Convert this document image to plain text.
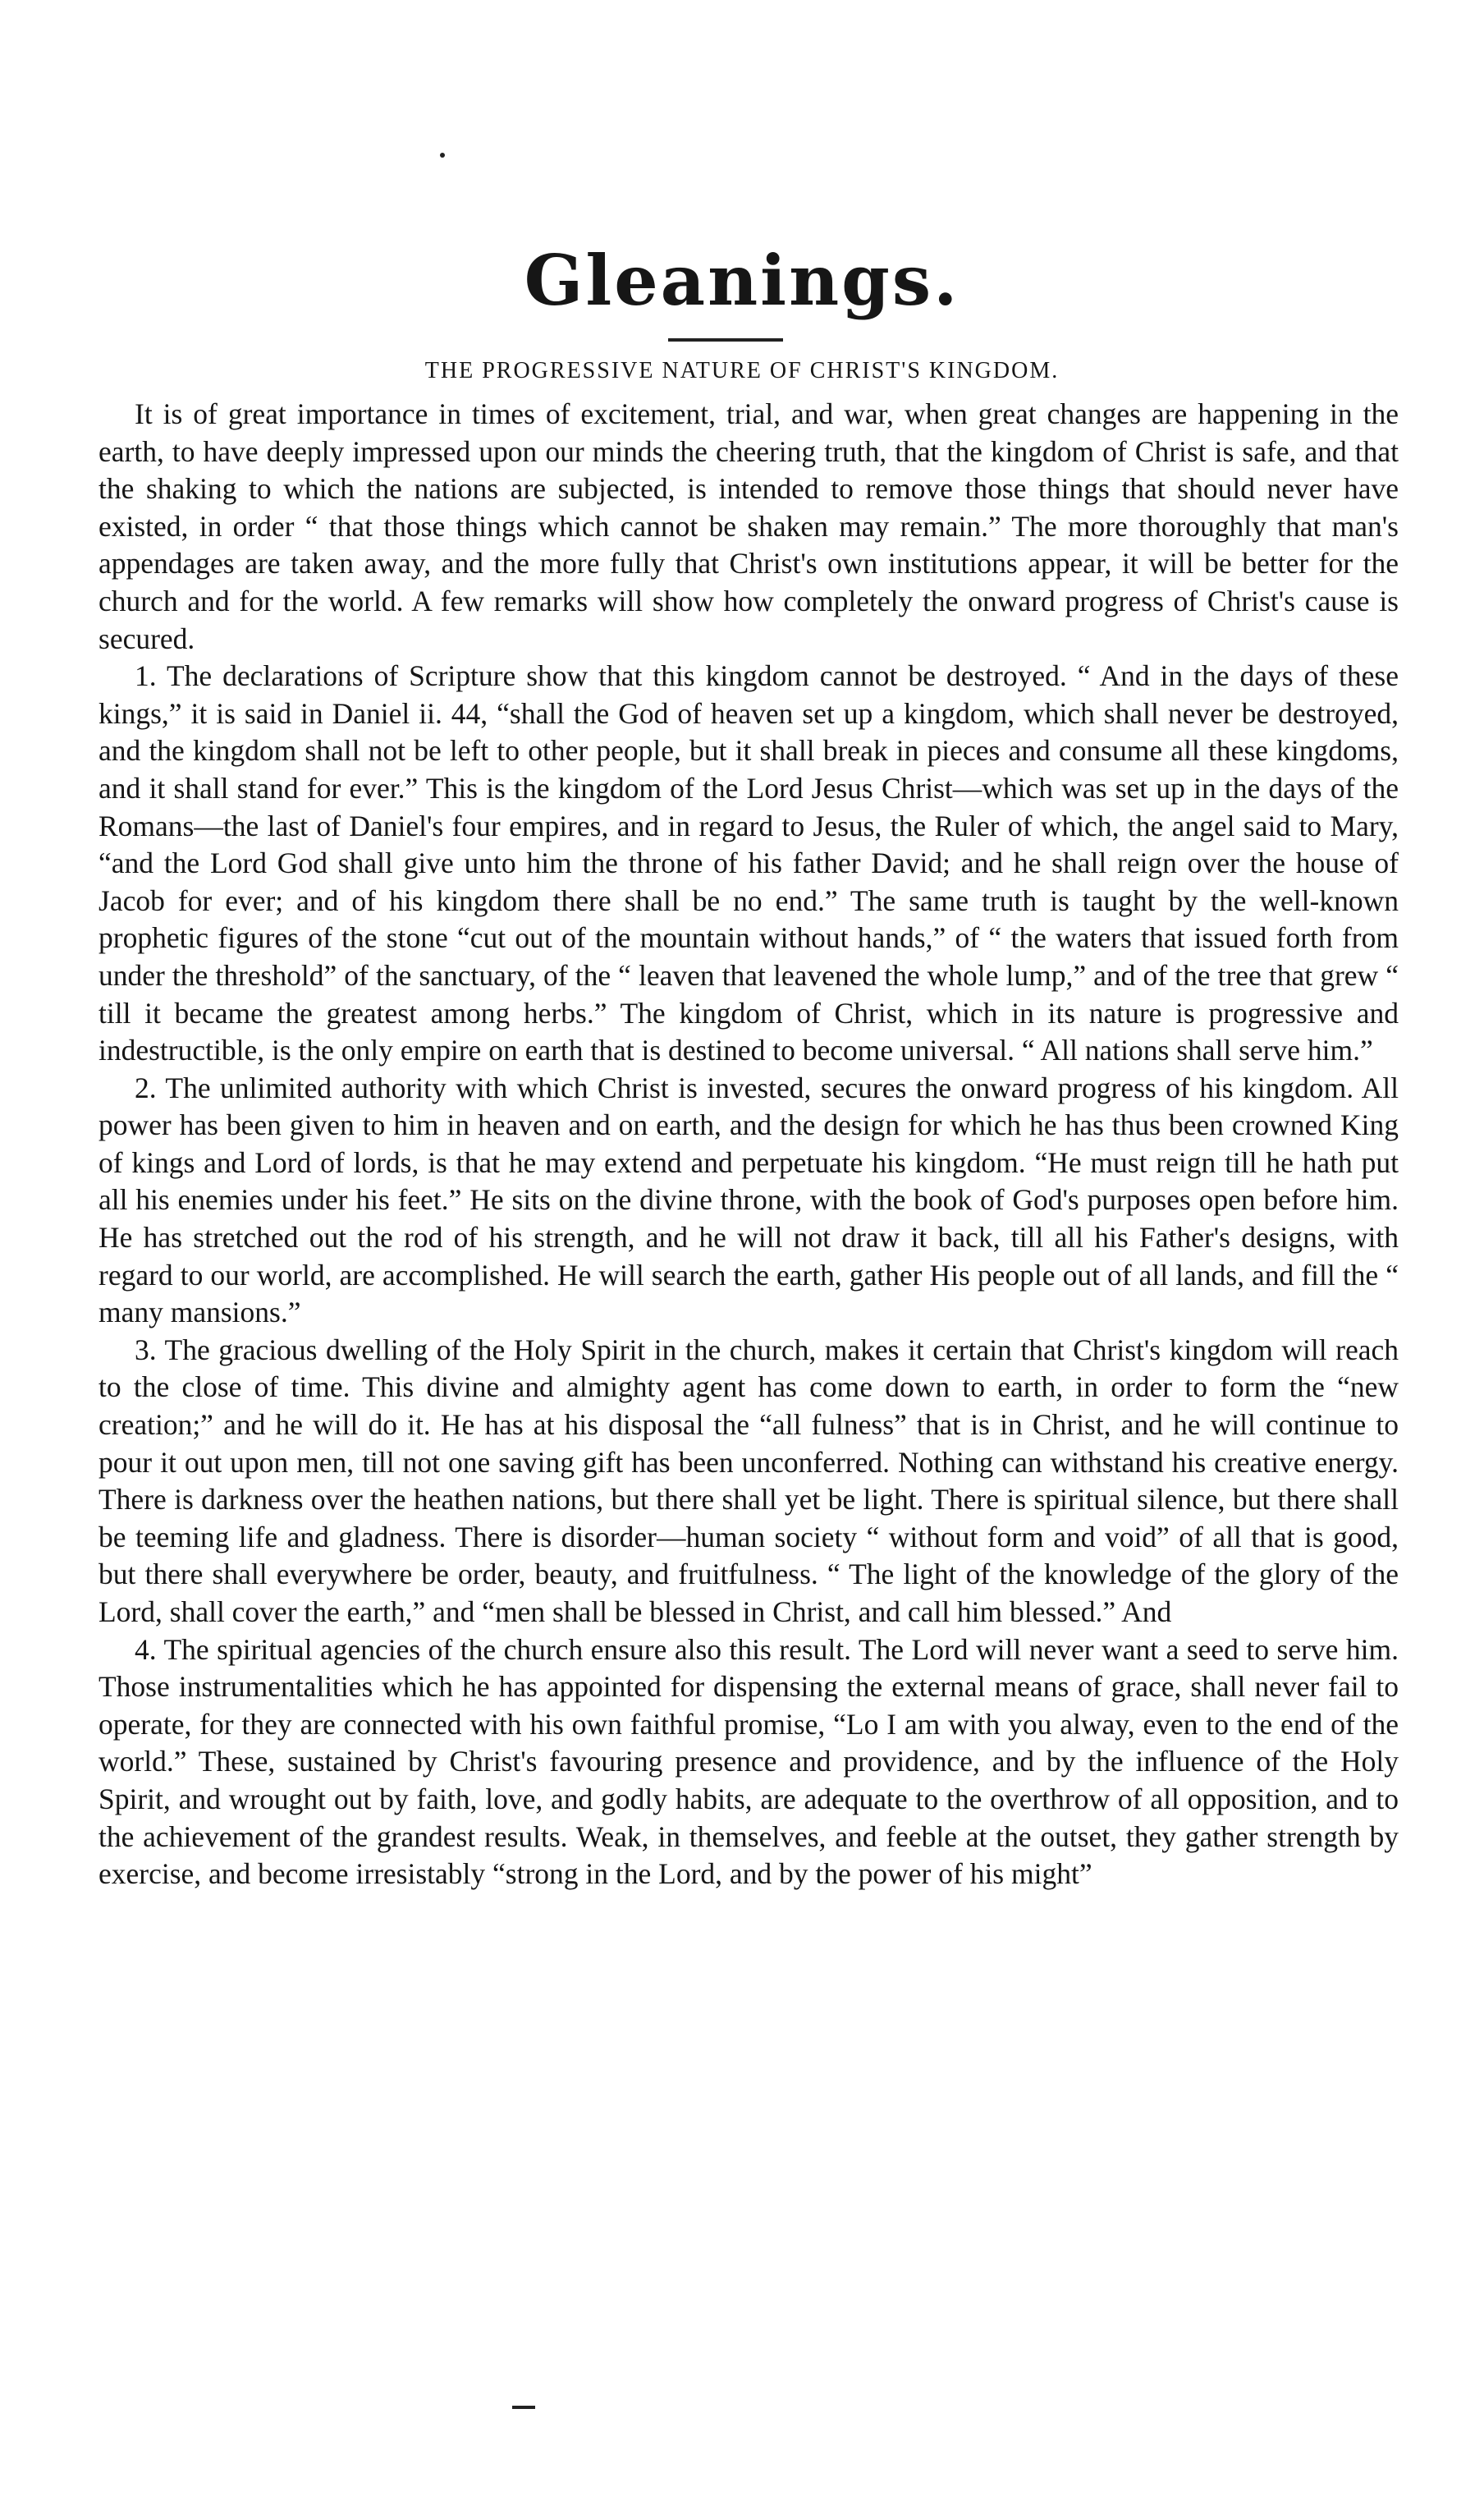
Gleanings.
THE PROGRESSIVE NATURE OF CHRIST'S KINGDOM.

It is of great importance in times of excitement, trial, and war, when great changes are happening in the earth, to have deeply impressed upon our minds the cheering truth, that the kingdom of Christ is safe, and that the shaking to which the nations are subjected, is intended to remove those things that should never have existed, in order “ that those things which cannot be shaken may remain.” The more thoroughly that man's appendages are taken away, and the more fully that Christ's own institutions appear, it will be better for the church and for the world. A few remarks will show how completely the onward progress of Christ's cause is secured.

1. The declarations of Scripture show that this kingdom cannot be destroyed. “ And in the days of these kings,” it is said in Daniel ii. 44, “shall the God of heaven set up a kingdom, which shall never be destroyed, and the kingdom shall not be left to other people, but it shall break in pieces and consume all these kingdoms, and it shall stand for ever.” This is the kingdom of the Lord Jesus Christ—which was set up in the days of the Romans—the last of Daniel's four empires, and in regard to Jesus, the Ruler of which, the angel said to Mary, “and the Lord God shall give unto him the throne of his father David; and he shall reign over the house of Jacob for ever; and of his kingdom there shall be no end.” The same truth is taught by the well-known prophetic figures of the stone “cut out of the mountain without hands,” of “ the waters that issued forth from under the threshold” of the sanctuary, of the “ leaven that leavened the whole lump,” and of the tree that grew “ till it became the greatest among herbs.” The kingdom of Christ, which in its nature is progressive and indestructible, is the only empire on earth that is destined to become universal. “ All nations shall serve him.”

2. The unlimited authority with which Christ is invested, secures the onward progress of his kingdom. All power has been given to him in heaven and on earth, and the design for which he has thus been crowned King of kings and Lord of lords, is that he may extend and perpetuate his kingdom. “He must reign till he hath put all his enemies under his feet.” He sits on the divine throne, with the book of God's purposes open before him. He has stretched out the rod of his strength, and he will not draw it back, till all his Father's designs, with regard to our world, are accomplished. He will search the earth, gather His people out of all lands, and fill the “ many mansions.”

3. The gracious dwelling of the Holy Spirit in the church, makes it certain that Christ's kingdom will reach to the close of time. This divine and almighty agent has come down to earth, in order to form the “new creation;” and he will do it. He has at his disposal the “all fulness” that is in Christ, and he will continue to pour it out upon men, till not one saving gift has been unconferred. Nothing can withstand his creative energy. There is darkness over the heathen nations, but there shall yet be light. There is spiritual silence, but there shall be teeming life and gladness. There is disorder—human society “ without form and void” of all that is good, but there shall everywhere be order, beauty, and fruitfulness. “ The light of the knowledge of the glory of the Lord, shall cover the earth,” and “men shall be blessed in Christ, and call him blessed.” And

4. The spiritual agencies of the church ensure also this result. The Lord will never want a seed to serve him. Those instrumentalities which he has appointed for dispensing the external means of grace, shall never fail to operate, for they are connected with his own faithful promise, “Lo I am with you alway, even to the end of the world.” These, sustained by Christ's favouring presence and providence, and by the influence of the Holy Spirit, and wrought out by faith, love, and godly habits, are adequate to the overthrow of all opposition, and to the achievement of the grandest results. Weak, in themselves, and feeble at the outset, they gather strength by exercise, and become irresistably “strong in the Lord, and by the power of his might”
